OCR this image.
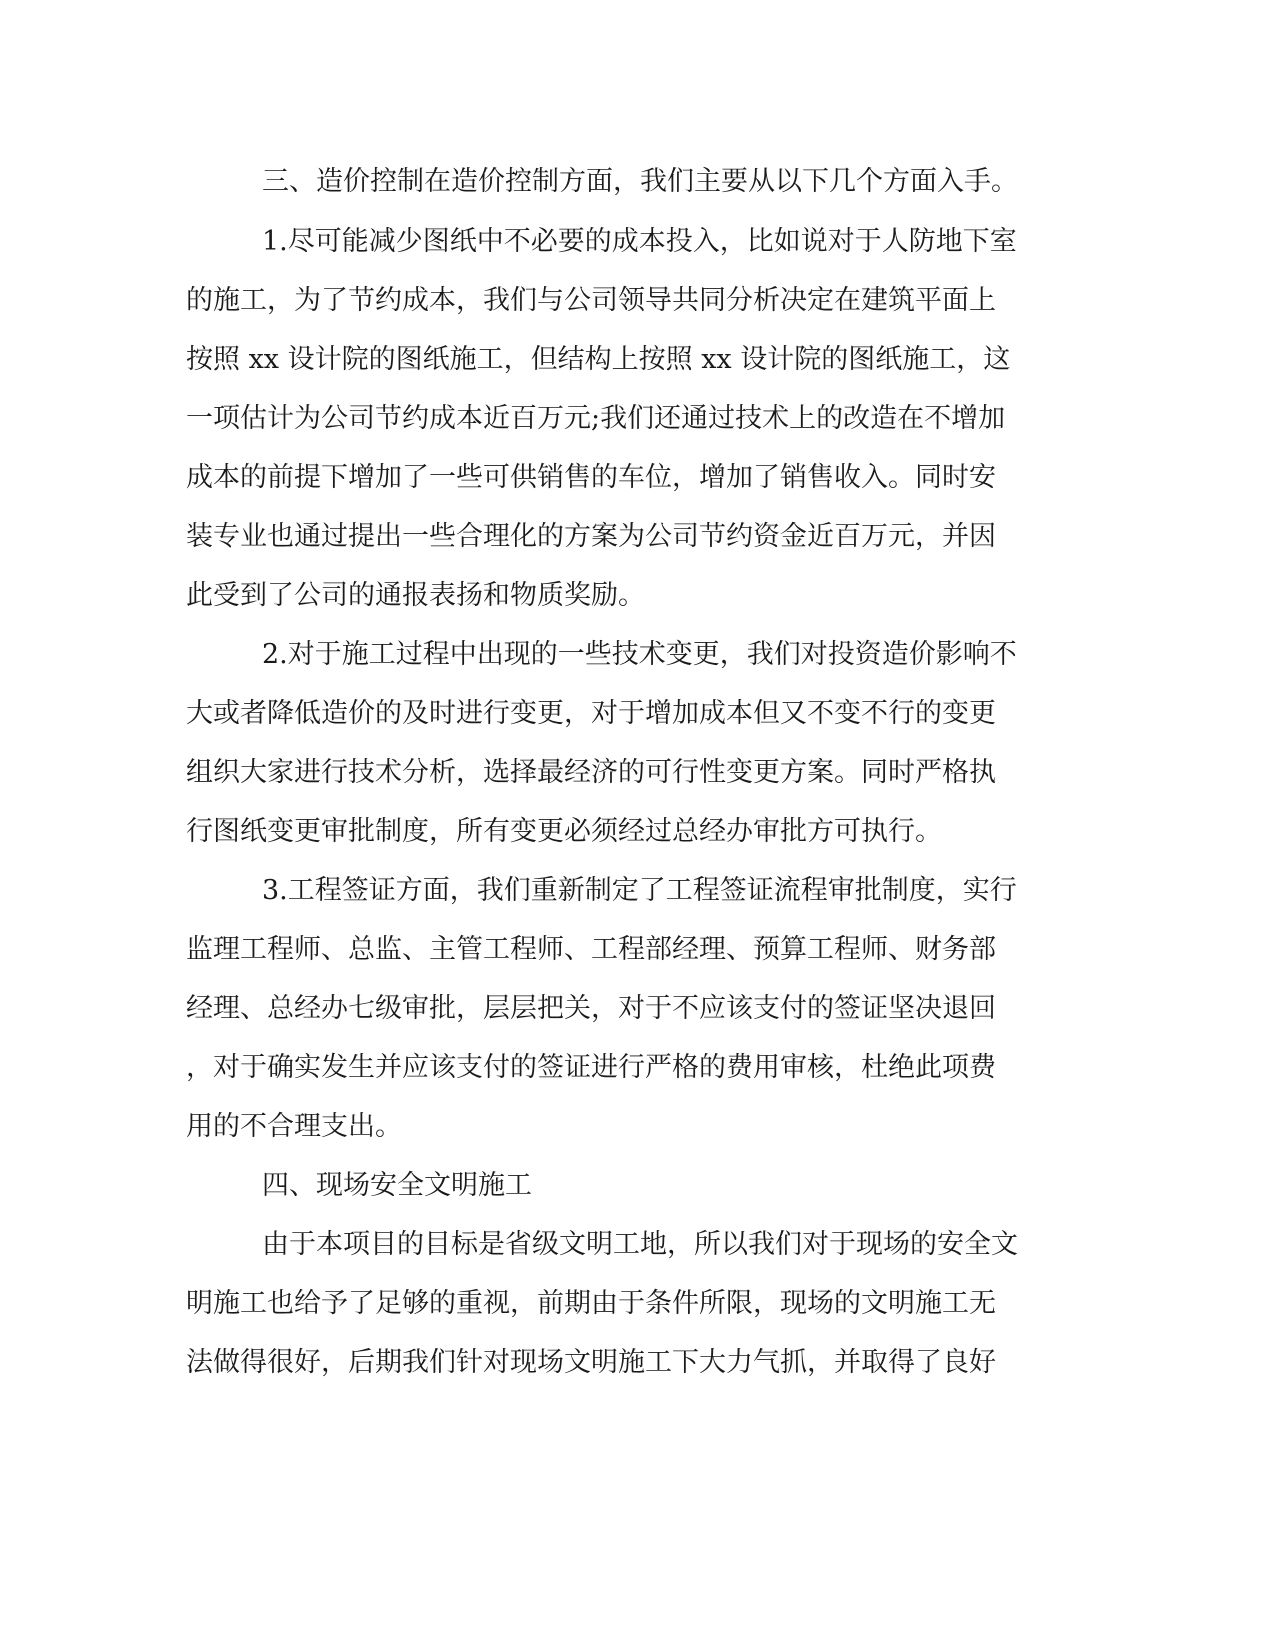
三、造价控制在造价控制方面，我们主要从以下几个方面入手。
1.尽可能减少图纸中不必要的成本投入，比如说对于人防地下室
的施工，为了节约成本，我们与公司领导共同分析决定在建筑平面上
按照 xx 设计院的图纸施工，但结构上按照 xx 设计院的图纸施工，这
一项估计为公司节约成本近百万元;我们还通过技术上的改造在不增加
成本的前提下增加了一些可供销售的车位，增加了销售收入。同时安
装专业也通过提出一些合理化的方案为公司节约资金近百万元，并因
此受到了公司的通报表扬和物质奖励。
2.对于施工过程中出现的一些技术变更，我们对投资造价影响不
大或者降低造价的及时进行变更，对于增加成本但又不变不行的变更
组织大家进行技术分析，选择最经济的可行性变更方案。同时严格执
行图纸变更审批制度，所有变更必须经过总经办审批方可执行。
3.工程签证方面，我们重新制定了工程签证流程审批制度，实行
监理工程师、总监、主管工程师、工程部经理、预算工程师、财务部
经理、总经办七级审批，层层把关，对于不应该支付的签证坚决退回
，对于确实发生并应该支付的签证进行严格的费用审核，杜绝此项费
用的不合理支出。
四、现场安全文明施工
由于本项目的目标是省级文明工地，所以我们对于现场的安全文
明施工也给予了足够的重视，前期由于条件所限，现场的文明施工无
法做得很好，后期我们针对现场文明施工下大力气抓，并取得了良好
